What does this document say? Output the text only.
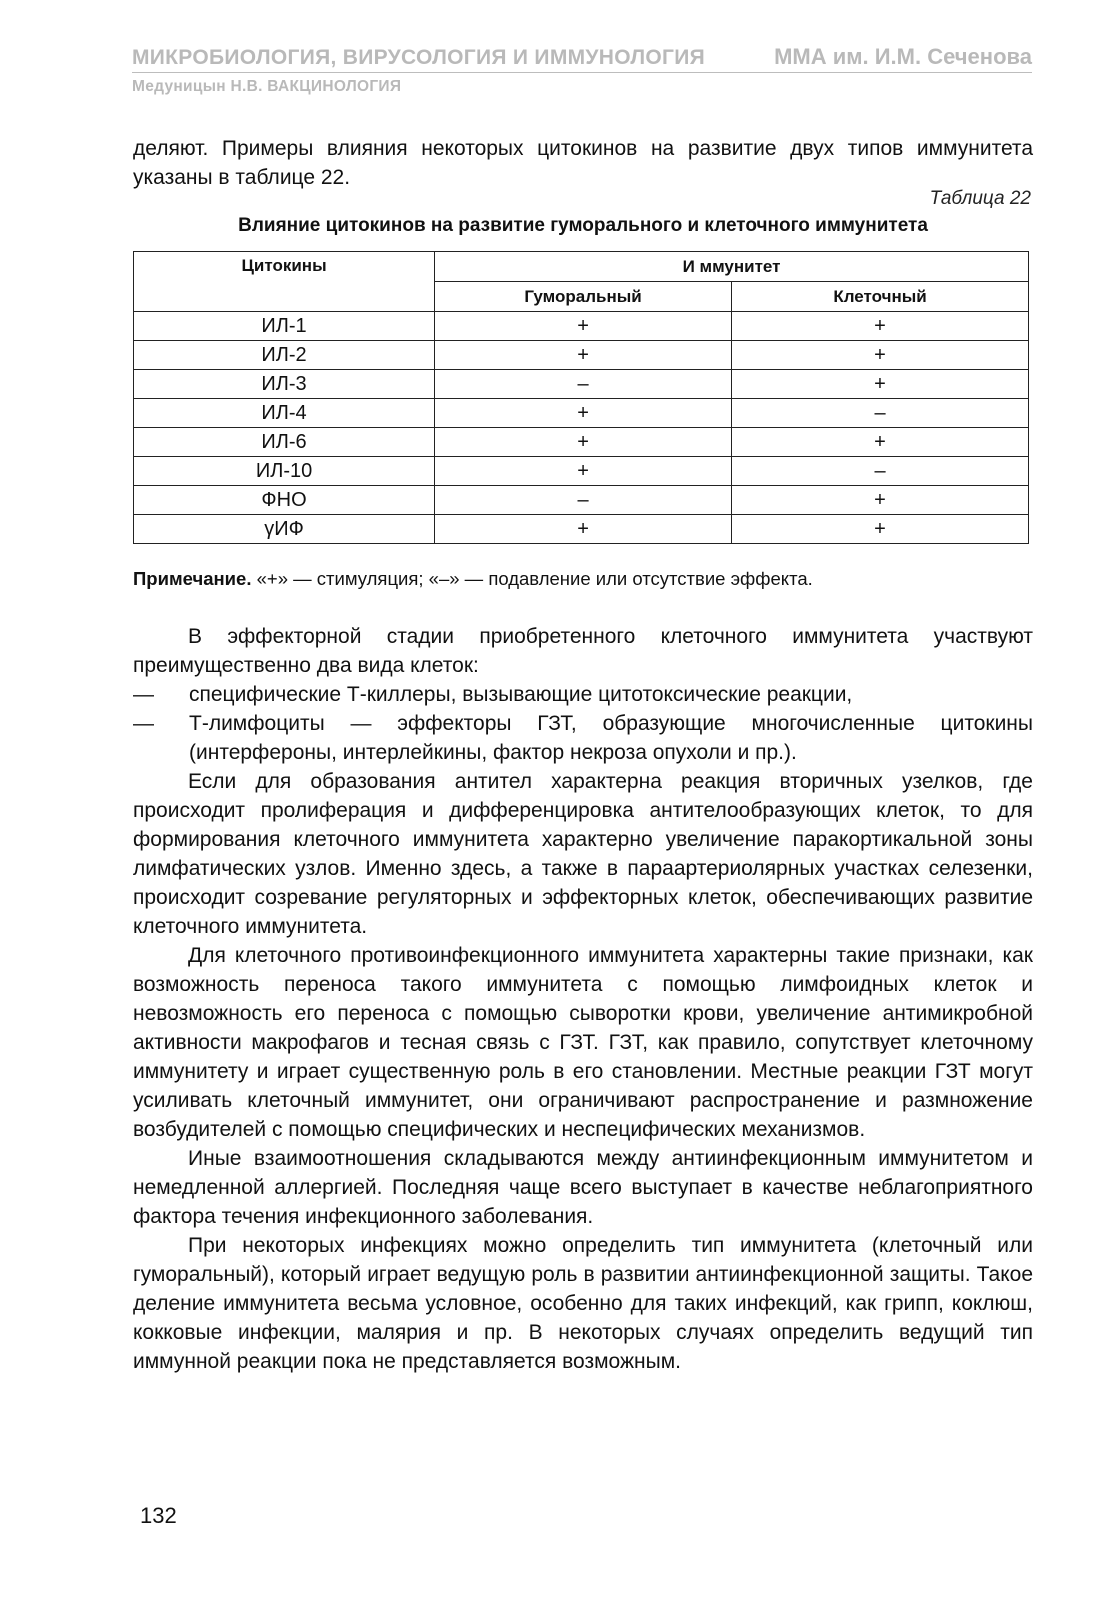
МИКРОБИОЛОГИЯ, ВИРУСОЛОГИЯ И ИММУНОЛОГИЯ	ММА им. И.М. Сеченова
Медуницын Н.В. ВАКЦИНОЛОГИЯ

деляют. Примеры влияния некоторых цитокинов на развитие двух типов иммунитета указаны в таблице 22.

Таблица 22
Влияние цитокинов на развитие гуморального и клеточного иммунитета
Цитокины	И ммунитет	
	Гуморальный	Клеточный
ИЛ-1	+	+
ИЛ-2	+	+
ИЛ-3	–	+
ИЛ-4	+	–
ИЛ-6	+	+
ИЛ-10	+	–
ФНО	–	+
γИФ	+	+
Примечание. «+» — стимуляция; «–» — подавление или отсутствие эффекта.

В эффекторной стадии приобретенного клеточного иммунитета участвуют преимущественно два вида клеток:

— специфические Т-киллеры, вызывающие цитотоксические реакции,

— Т-лимфоциты — эффекторы ГЗТ, образующие многочисленные цитокины (интерфероны, интерлейкины, фактор некроза опухоли и пр.).

Если для образования антител характерна реакция вторичных узелков, где происходит пролиферация и дифференцировка антителообразующих клеток, то для формирования клеточного иммунитета характерно увеличение паракортикальной зоны лимфатических узлов. Именно здесь, а также в параартериолярных участках селезенки, происходит созревание регуляторных и эффекторных клеток, обеспечивающих развитие клеточного иммунитета.

Для клеточного противоинфекционного иммунитета характерны такие признаки, как возможность переноса такого иммунитета с помощью лимфоидных клеток и невозможность его переноса с помощью сыворотки крови, увеличение антимикробной активности макрофагов и тесная связь с ГЗТ. ГЗТ, как правило, сопутствует клеточному иммунитету и играет существенную роль в его становлении. Местные реакции ГЗТ могут усиливать клеточный иммунитет, они ограничивают распространение и размножение возбудителей с помощью специфических и неспецифических механизмов.

Иные взаимоотношения складываются между антиинфекционным иммунитетом и немедленной аллергией. Последняя чаще всего выступает в качестве неблагоприятного фактора течения инфекционного заболевания.

При некоторых инфекциях можно определить тип иммунитета (клеточный или гуморальный), который играет ведущую роль в развитии антиинфекционной защиты. Такое деление иммунитета весьма условное, особенно для таких инфекций, как грипп, коклюш, кокковые инфекции, малярия и пр. В некоторых случаях определить ведущий тип иммунной реакции пока не представляется возможным.

132
